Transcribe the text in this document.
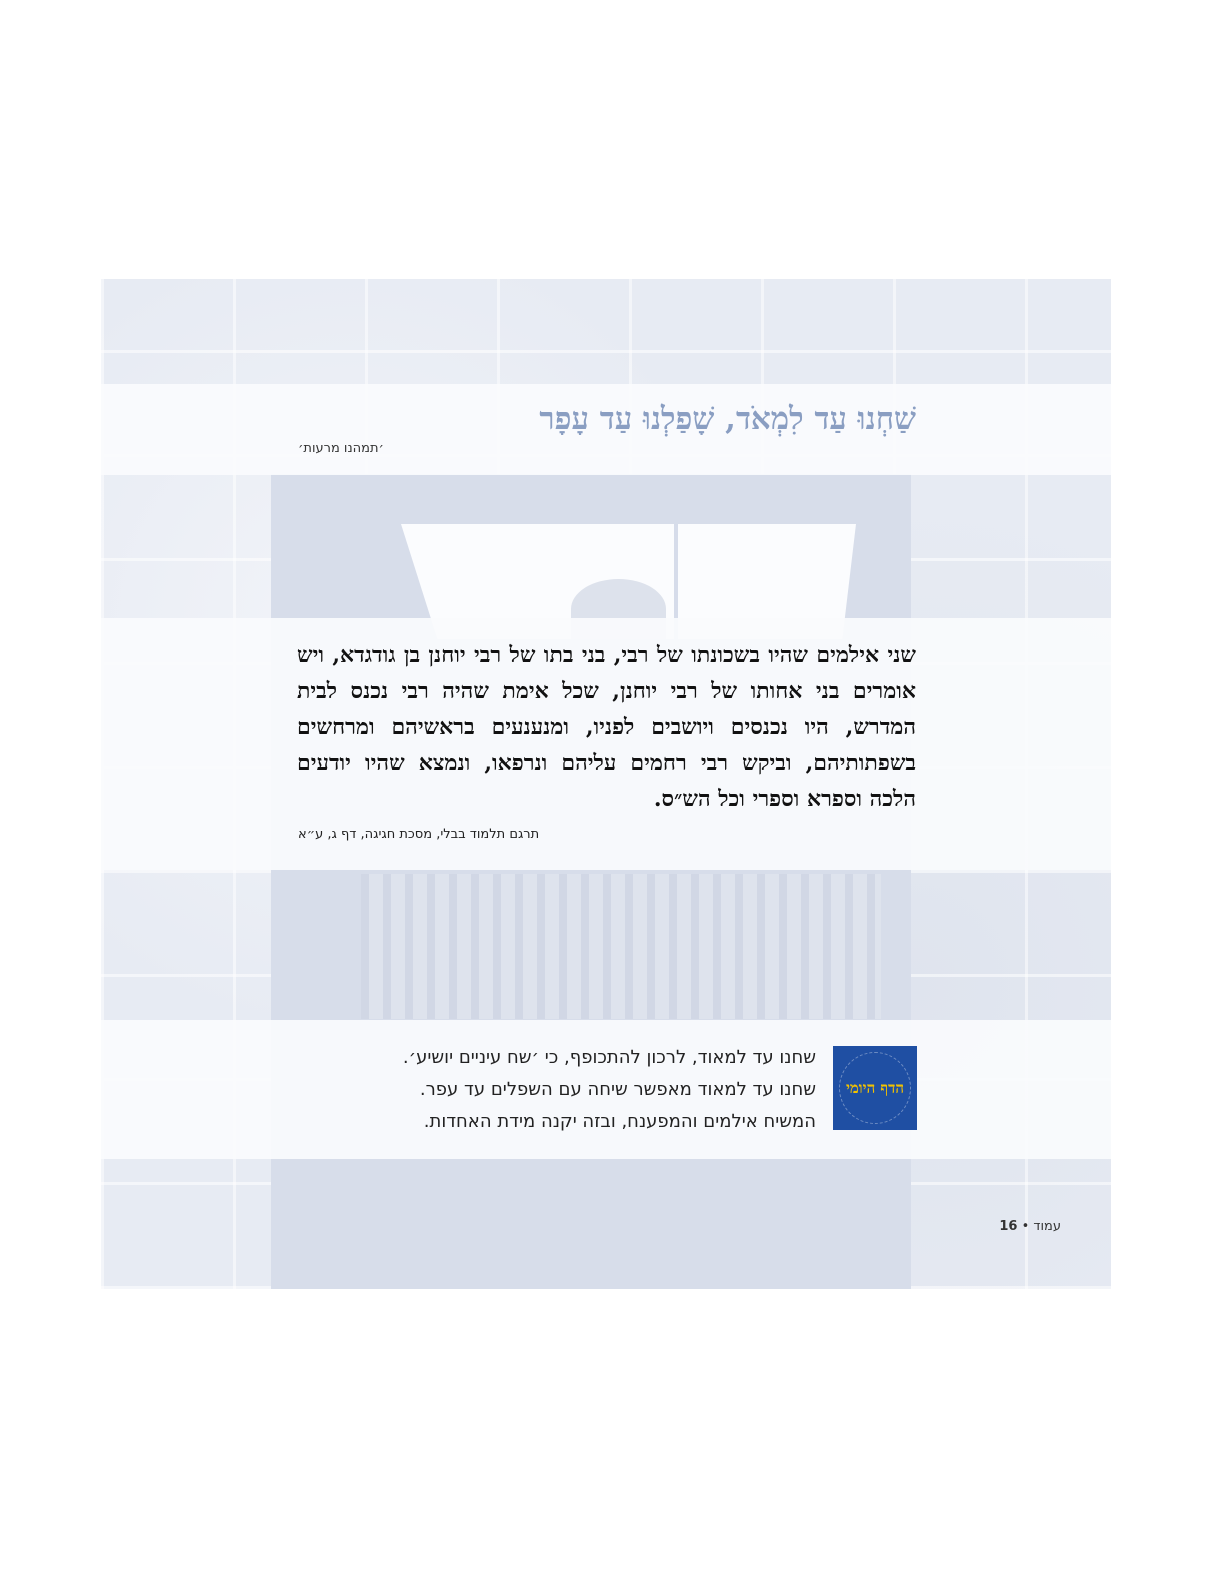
שַׁחְנוּ עַד לִמְאֹד, שָׁפַלְנוּ עַד עָפָר

׳תמהנו מרעות׳

שני אילמים שהיו בשכונתו של רבי, בני בתו של רבי יוחנן בן גודגדא, ויש אומרים בני אחותו של רבי יוחנן, שכל אימת שהיה רבי נכנס לבית המדרש, היו נכנסים ויושבים לפניו, ומנענעים בראשיהם ומרחשים בשפתותיהם, וביקש רבי רחמים עליהם ונרפאו, ונמצא שהיו יודעים הלכה וספרא וספרי וכל הש״ס.

תרגם תלמוד בבלי, מסכת חגיגה, דף ג, ע״א

הדף היומי
שחנו עד למאוד, לרכון להתכופף, כי ׳שח עיניים יושיע׳.
שחנו עד למאוד מאפשר שיחה עם השפלים עד עפר.
המשיח אילמים והמפענח, ובזה יקנה מידת האחדות.
עמוד • 16
